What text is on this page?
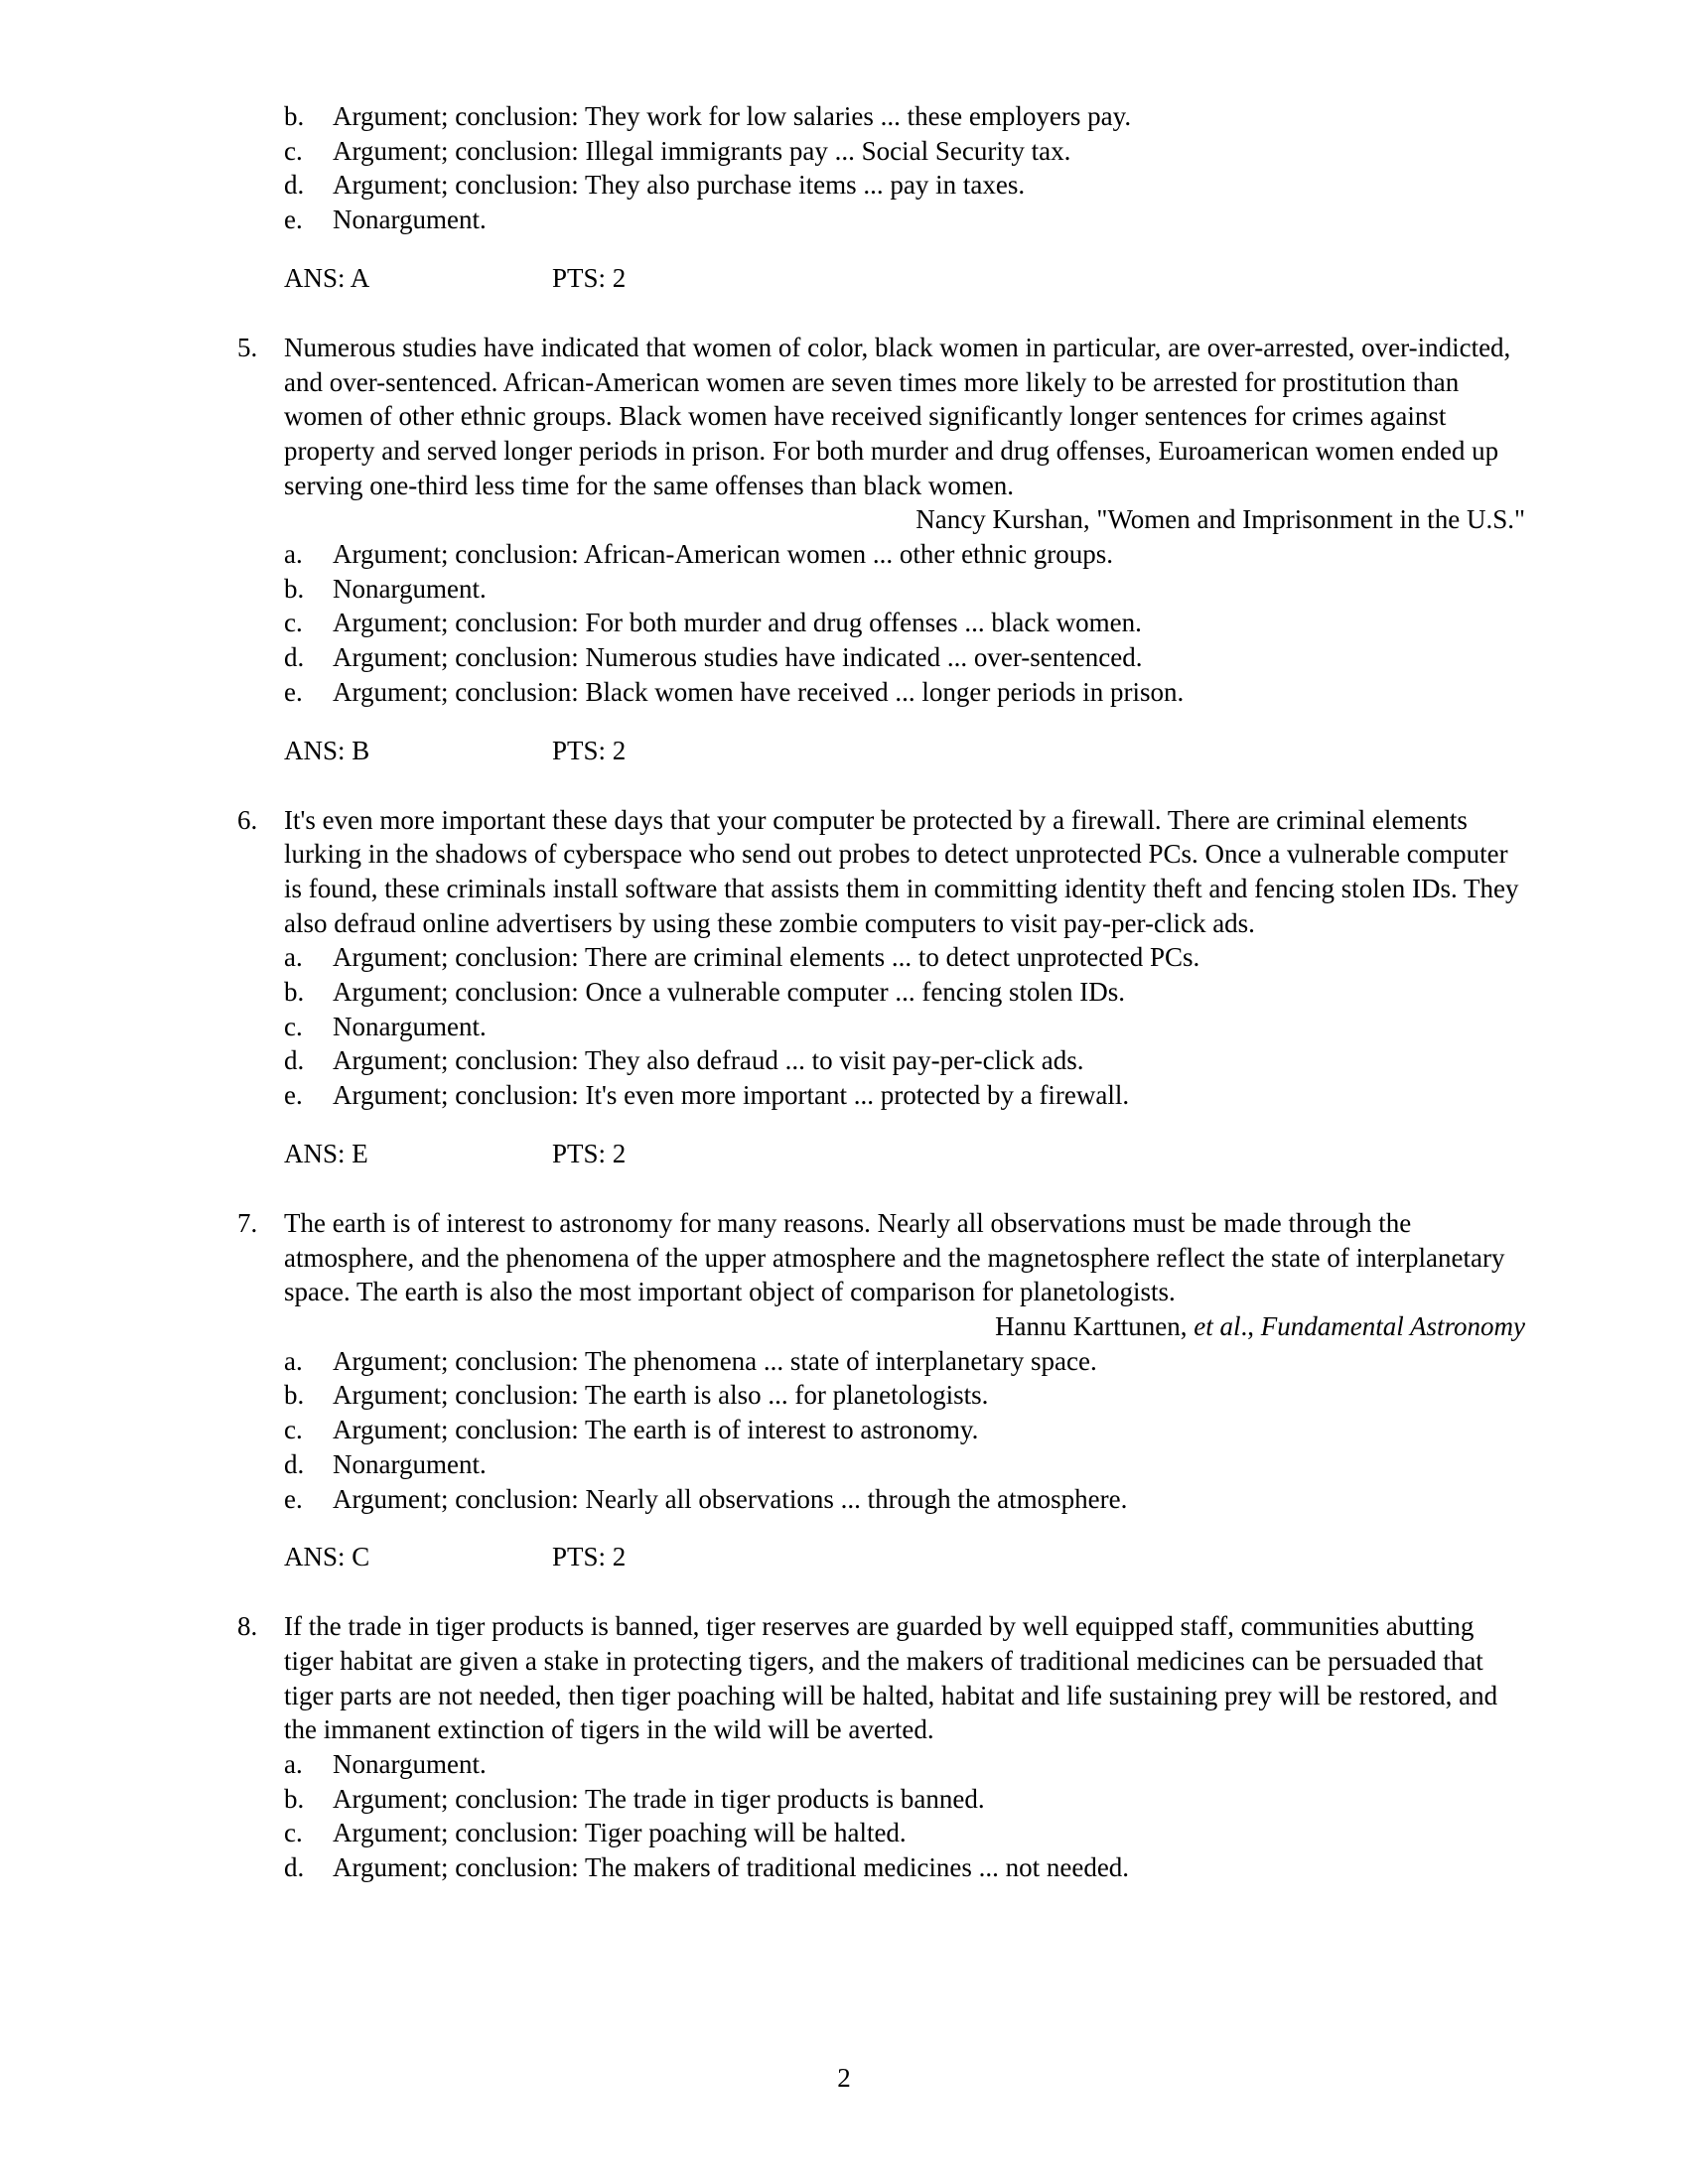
b. Argument; conclusion: They work for low salaries ... these employers pay.
c. Argument; conclusion: Illegal immigrants pay ... Social Security tax.
d. Argument; conclusion: They also purchase items ... pay in taxes.
e. Nonargument.
ANS: A	PTS: 2
5. Numerous studies have indicated that women of color, black women in particular, are over-arrested, over-indicted, and over-sentenced. African-American women are seven times more likely to be arrested for prostitution than women of other ethnic groups. Black women have received significantly longer sentences for crimes against property and served longer periods in prison. For both murder and drug offenses, Euroamerican women ended up serving one-third less time for the same offenses than black women.
Nancy Kurshan, "Women and Imprisonment in the U.S."
a. Argument; conclusion: African-American women ... other ethnic groups.
b. Nonargument.
c. Argument; conclusion: For both murder and drug offenses ... black women.
d. Argument; conclusion: Numerous studies have indicated ... over-sentenced.
e. Argument; conclusion: Black women have received ... longer periods in prison.
ANS: B	PTS: 2
6. It's even more important these days that your computer be protected by a firewall. There are criminal elements lurking in the shadows of cyberspace who send out probes to detect unprotected PCs. Once a vulnerable computer is found, these criminals install software that assists them in committing identity theft and fencing stolen IDs. They also defraud online advertisers by using these zombie computers to visit pay-per-click ads.
a. Argument; conclusion: There are criminal elements ... to detect unprotected PCs.
b. Argument; conclusion: Once a vulnerable computer ... fencing stolen IDs.
c. Nonargument.
d. Argument; conclusion: They also defraud ... to visit pay-per-click ads.
e. Argument; conclusion: It's even more important ... protected by a firewall.
ANS: E	PTS: 2
7. The earth is of interest to astronomy for many reasons. Nearly all observations must be made through the atmosphere, and the phenomena of the upper atmosphere and the magnetosphere reflect the state of interplanetary space. The earth is also the most important object of comparison for planetologists.
Hannu Karttunen, et al., Fundamental Astronomy
a. Argument; conclusion: The phenomena ... state of interplanetary space.
b. Argument; conclusion: The earth is also ... for planetologists.
c. Argument; conclusion: The earth is of interest to astronomy.
d. Nonargument.
e. Argument; conclusion: Nearly all observations ... through the atmosphere.
ANS: C	PTS: 2
8. If the trade in tiger products is banned, tiger reserves are guarded by well equipped staff, communities abutting tiger habitat are given a stake in protecting tigers, and the makers of traditional medicines can be persuaded that tiger parts are not needed, then tiger poaching will be halted, habitat and life sustaining prey will be restored, and the immanent extinction of tigers in the wild will be averted.
a. Nonargument.
b. Argument; conclusion: The trade in tiger products is banned.
c. Argument; conclusion: Tiger poaching will be halted.
d. Argument; conclusion: The makers of traditional medicines ... not needed.
2
